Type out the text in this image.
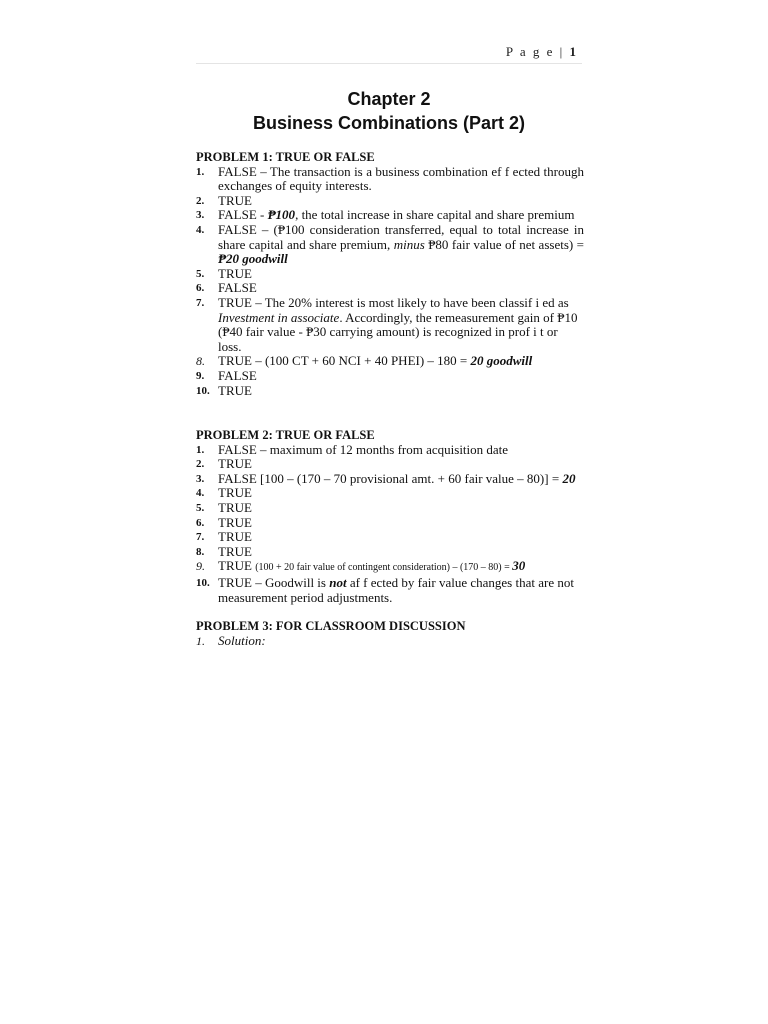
P a g e | 1
Chapter 2
Business Combinations (Part 2)
PROBLEM 1: TRUE OR FALSE
1.	FALSE – The transaction is a business combination ef f ected through exchanges of equity interests.
2.	TRUE
3.	FALSE - ₱100, the total increase in share capital and share premium
4.	FALSE – (₱100 consideration transferred, equal to total increase in share capital and share premium, minus ₱80 fair value of net assets) = ₱20 goodwill
5.	TRUE
6.	FALSE
7.	TRUE – The 20% interest is most likely to have been classif i ed as Investment in associate. Accordingly, the remeasurement gain of ₱10 (₱40 fair value - ₱30 carrying amount) is recognized in prof i t or loss.
8.	TRUE – (100 CT + 60 NCI + 40 PHEI) – 180 = 20 goodwill
9.	FALSE
10. TRUE
PROBLEM 2: TRUE OR FALSE
1.	FALSE – maximum of 12 months from acquisition date
2.	TRUE
3.	FALSE [100 – (170 – 70 provisional amt. + 60 fair value – 80)] = 20
4.	TRUE
5.	TRUE
6.	TRUE
7.	TRUE
8.	TRUE
9.	TRUE (100 + 20 fair value of contingent consideration) – (170 – 80) = 30
10. TRUE – Goodwill is not af f ected by fair value changes that are not measurement period adjustments.
PROBLEM 3: FOR CLASSROOM DISCUSSION
1.	Solution:
